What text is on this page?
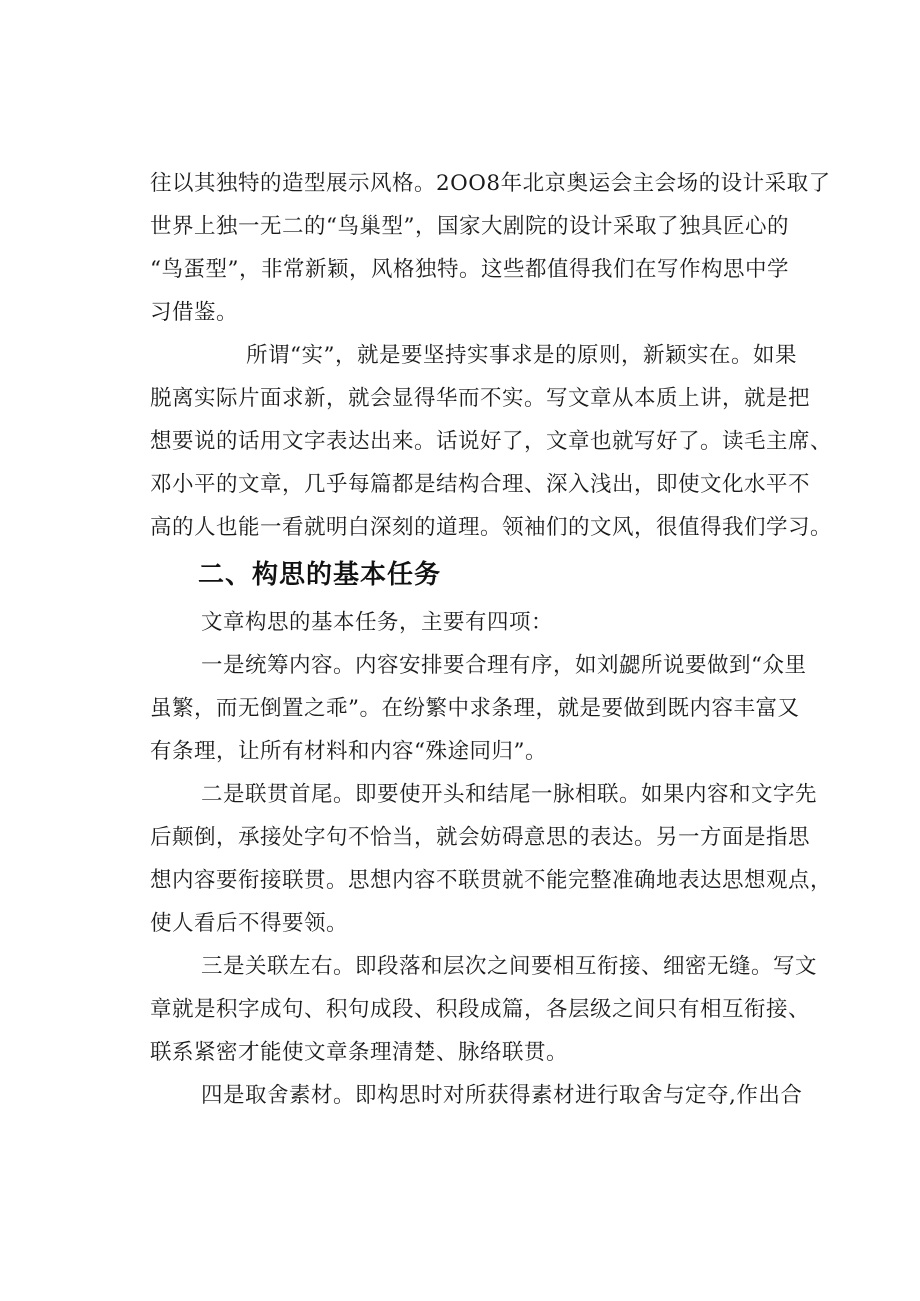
往以其独特的造型展示风格。2OO8年北京奥运会主会场的设计采取了
世界上独一无二的“鸟巢型”，国家大剧院的设计采取了独具匠心的
“鸟蛋型”，非常新颖，风格独特。这些都值得我们在写作构思中学
习借鉴。

所谓“实”，就是要坚持实事求是的原则，新颖实在。如果
脱离实际片面求新，就会显得华而不实。写文章从本质上讲，就是把
想要说的话用文字表达出来。话说好了，文章也就写好了。读毛主席、
邓小平的文章，几乎每篇都是结构合理、深入浅出，即使文化水平不
高的人也能一看就明白深刻的道理。领袖们的文风，很值得我们学习。

二、构思的基本任务

文章构思的基本任务，主要有四项：

一是统筹内容。内容安排要合理有序，如刘勰所说要做到“众里
虽繁，而无倒置之乖”。在纷繁中求条理，就是要做到既内容丰富又
有条理，让所有材料和内容“殊途同归”。

二是联贯首尾。即要使开头和结尾一脉相联。如果内容和文字先
后颠倒，承接处字句不恰当，就会妨碍意思的表达。另一方面是指思
想内容要衔接联贯。思想内容不联贯就不能完整准确地表达思想观点，
使人看后不得要领。

三是关联左右。即段落和层次之间要相互衔接、细密无缝。写文
章就是积字成句、积句成段、积段成篇，各层级之间只有相互衔接、
联系紧密才能使文章条理清楚、脉络联贯。

四是取舍素材。即构思时对所获得素材进行取舍与定夺,作出合
